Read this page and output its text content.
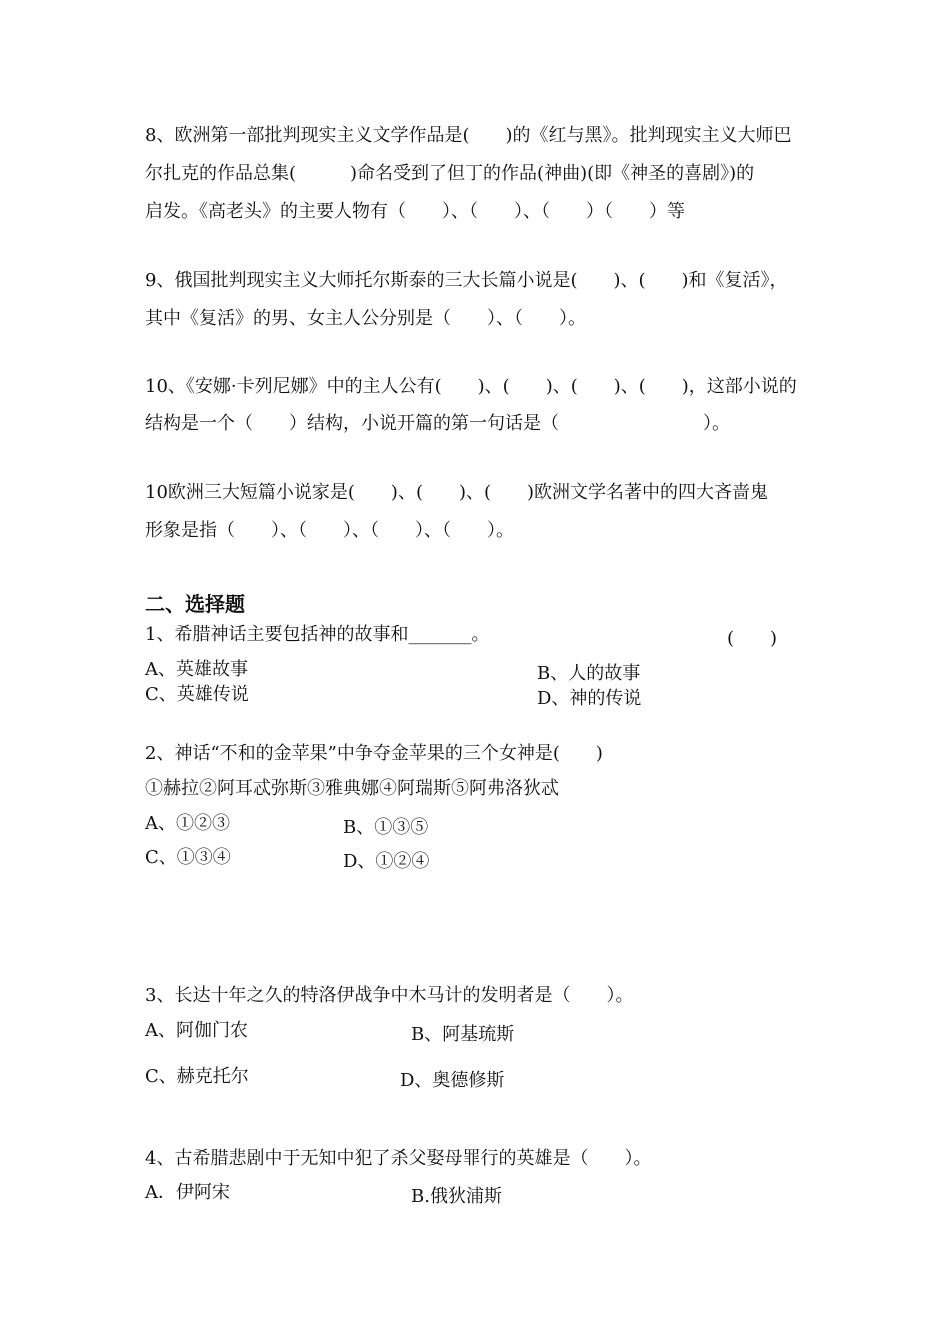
8、欧洲第一部批判现实主义文学作品是(　　)的《红与黑》。批判现实主义大师巴
尔扎克的作品总集(　　　)命名受到了但丁的作品(神曲)(即《神圣的喜剧》)的
启发。《高老头》的主要人物有（　　）、（　　）、（　　）（　　）等
9、俄国批判现实主义大师托尔斯泰的三大长篇小说是(　　)、(　　)和《复活》，
其中《复活》的男、女主人公分别是（　　）、（　　）。
10、《安娜·卡列尼娜》中的主人公有(　　)、(　　)、(　　)、(　　)，这部小说的
结构是一个（　　）结构，小说开篇的第一句话是（　　　　　　　　）。
10欧洲三大短篇小说家是(　　)、(　　)、(　　)欧洲文学名著中的四大吝啬鬼
形象是指（　　）、（　　）、（　　）、（　　）。
二、选择题
1、希腊神话主要包括神的故事和_______。	(　　)
A、英雄故事	B、人的故事
C、英雄传说	D、神的传说
2、神话“不和的金苹果”中争夺金苹果的三个女神是(　　)
①赫拉②阿耳忒弥斯③雅典娜④阿瑞斯⑤阿弗洛狄忒
A、①②③	B、①③⑤
C、①③④	D、①②④
3、长达十年之久的特洛伊战争中木马计的发明者是（　　）。
A、阿伽门农	B、阿基琉斯
C、赫克托尔	D、奥德修斯
4、古希腊悲剧中于无知中犯了杀父娶母罪行的英雄是（　　）。
A．伊阿宋	B.俄狄浦斯
